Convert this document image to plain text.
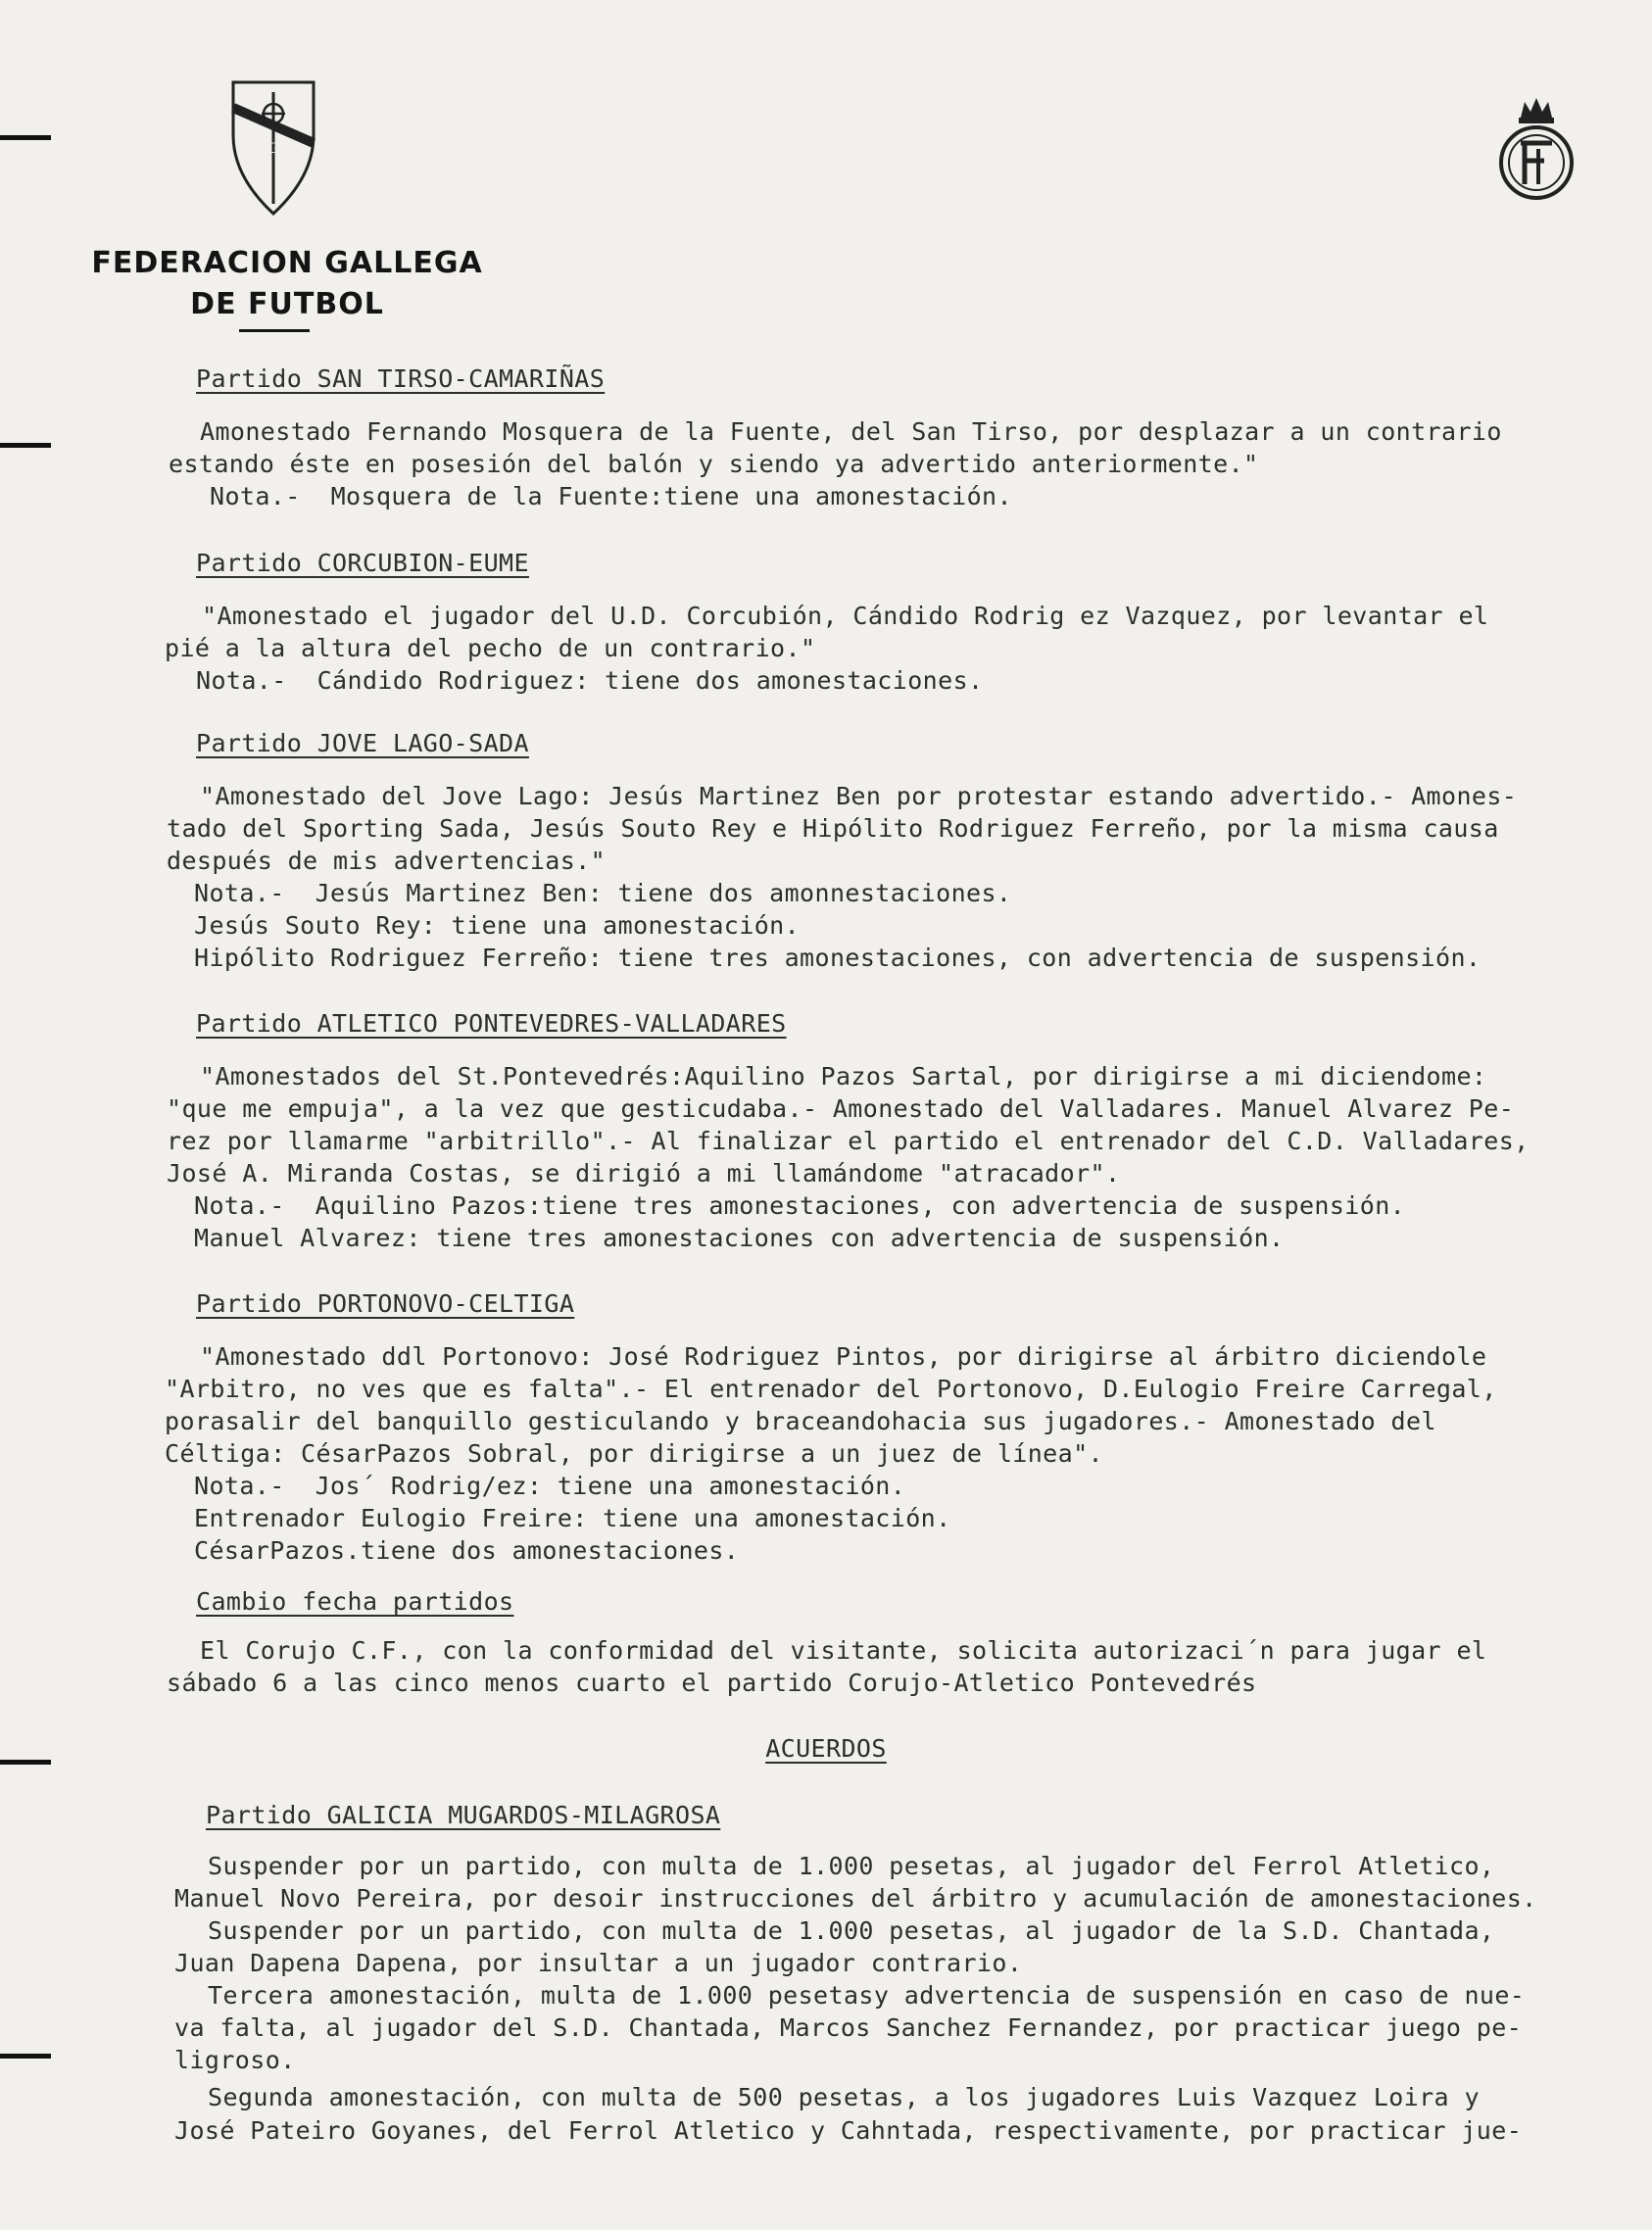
FGF
FEDERACION GALLEGA
DE FUTBOL
Partido SAN TIRSO-CAMARIÑAS
Amonestado Fernando Mosquera de la Fuente, del San Tirso, por desplazar a un contrario
estando éste en posesión del balón y siendo ya advertido anteriormente."
Nota.-  Mosquera de la Fuente:tiene una amonestación.
Partido CORCUBION-EUME
"Amonestado el jugador del U.D. Corcubión, Cándido Rodrig ez Vazquez, por levantar el
pié a la altura del pecho de un contrario."
Nota.-  Cándido Rodriguez: tiene dos amonestaciones.
Partido JOVE LAGO-SADA
"Amonestado del Jove Lago: Jesús Martinez Ben por protestar estando advertido.- Amones-
tado del Sporting Sada, Jesús Souto Rey e Hipólito Rodriguez Ferreño, por la misma causa
después de mis advertencias."
Nota.-  Jesús Martinez Ben: tiene dos amonnestaciones.
Jesús Souto Rey: tiene una amonestación.
Hipólito Rodriguez Ferreño: tiene tres amonestaciones, con advertencia de suspensión.
Partido ATLETICO PONTEVEDRES-VALLADARES
"Amonestados del St.Pontevedrés:Aquilino Pazos Sartal, por dirigirse a mi diciendome:
"que me empuja", a la vez que gesticudaba.- Amonestado del Valladares. Manuel Alvarez Pe-
rez por llamarme "arbitrillo".- Al finalizar el partido el entrenador del C.D. Valladares,
José A. Miranda Costas, se dirigió a mi lla​mándome "atracador".
Nota.-  Aquilino Pazos:tiene tres amonestaciones, con advertencia de suspensión.
Manuel Alvarez: tiene tres amonestaciones con advertencia de suspensión.
Partido PORTONOVO-CELTIGA
"Amonestado ddl Portonovo: José Rodriguez Pintos, por dirigirse al árbitro diciendole
"Arbitro, no ves que es falta".- El entrenador del Portonovo, D.Eulogio Freire Carregal,
porasalir del banquillo gesticulando y braceandohacia sus jugadores.- Amonestado del
Céltiga: CésarPazos Sobral, por dirigirse a un juez de línea".
Nota.-  Jos´ Rodrig/ez: tiene una amonestación.
Entrenador Eulogio Freire: tiene una amonestación.
CésarPazos.tiene dos amonestaciones.
Cambio fecha partidos
El Corujo C.F., con la conformidad del visitante, solicita autorizaci´n para jugar el
sábado 6 a las cinco menos cuarto el partido Corujo-Atletico Pontevedrés
ACUERDOS
Partido GALICIA MUGARDOS-MILAGROSA
Suspender por un partido, con multa de 1.000 pesetas, al jugador del Ferrol Atletico,
Manuel Novo Pereira, por desoir instrucciones del árbitro y acumulación de amonestaciones.
Suspender por un partido, con multa de 1.000 pesetas, al jugador de la S.D. Chantada,
Juan Dapena Dapena, por insultar a un jugador contrario.
Tercera amonestación, multa de 1.000 pesetasy advertencia de suspensión en caso de nue-
va falta, al jugador del S.D. Chantada, Marcos Sanchez Fernandez, por practicar juego pe-
ligroso.
Segunda amonestación, con multa de 500 pesetas, a los jugadores Luis Vazquez Loira y
José Pateiro Goyanes, del Ferrol Atletico y Cahntada, respectivamente, por practicar jue-
